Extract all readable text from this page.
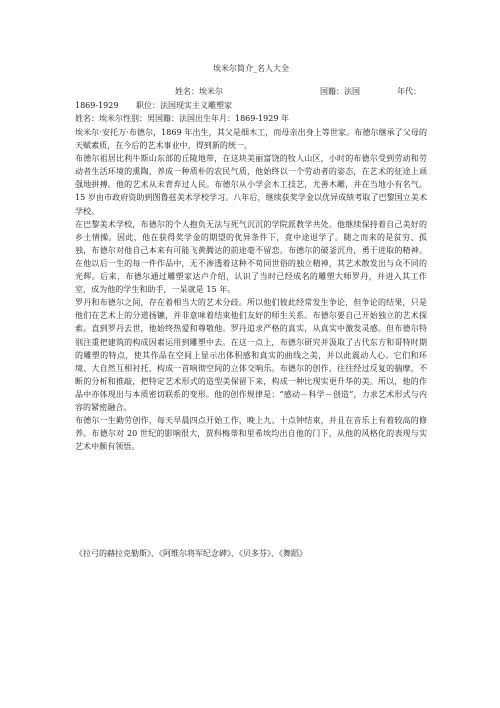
埃米尔简介_名人大全
姓名：埃米尔	国籍：法国	年代：
1869-1929 职位：法国现实主义雕塑家
姓名：埃米尔性别：男国籍：法国出生年月：1869-1929 年

埃米尔·安托万·布德尔，1869 年出生，其父是细木工，而母亲出身上等世家。布德尔继承了父母的天赋素质，在今后的艺术事业中，得到新的统一。

布德尔祖居比利牛斯山东部的丘陵地带，在这块美丽富饶的牧人山区，小时的布德尔受到劳动和劳动者生活环境的熏陶，养成一种质朴的农民气质，他始终以一个劳动者的姿态，在艺术的征途上顽强地拼搏。他的艺术从未背弃过人民。布德尔从小学会木工技艺，尤善木雕，并在当地小有名气。15 岁由市政府资助到图鲁兹美术学校学习。八年后，继续获奖学金以优异成绩考取了巴黎国立美术学校。

在巴黎美术学校，布德尔的个人抱负无法与死气沉沉的学院派教学共处。他继续保持着自己美好的乡土情操。因此，他在获得奖学金的期望的优异条件下，竟中途退学了。随之而来的是贫穷、孤独，布德尔对他自己本来有可能飞黄腾达的前途毫不留恋。布德尔的破釜沉舟，勇于进取的精神。在他以后一生的每一件作品中，无不渗透着这种不苟同世俗的独立精神，其艺术散发出与众不同的光辉。后来，布德尔通过雕塑家达卢介绍，认识了当时已经成名的雕塑大师罗丹，并进入其工作室，成为他的学生和助手，一呆就是 15 年。

罗丹和布德尔之间，存在着相当大的艺术分歧。所以他们彼此经常发生争论，但争论的结果，只是他们在艺术上的分道扬镳，并非意味着结束他们友好的师生关系。布德尔要自己开始独立的艺术探索。直到罗丹去世，他始终热爱和尊敬他。罗丹追求严格的真实，从真实中激发灵感。但布德尔特别注重把建筑的构成因素运用到雕塑中去。在这一点上，布德尔研究并汲取了古代东方和哥特时期的雕塑的特点，使其作品在空间上显示出体积感和真实的曲线之美，并以此震动人心。它们和环境、大自然互相衬托，构成一首响彻空间的立体交响乐。布德尔的创作，往往经过反复的揣摩，不断的分析和推敲，把特定艺术形式的造型美保留下来，构成一种比现实更升华的美。所以，他的作品中亦体现出与本质密切联系的变形。他的创作规律是：“感动－科学－创造”，力求艺术形式与内容的紧密融合。

布德尔一生勤劳创作，每天早晨四点开始工作，晚上九、十点钟结束，并且在音乐上有着较高的修养。布德尔对 20 世纪的影响很大，贾科梅蒂和里希埃均出自他的门下，从他的风格化的表现与实艺术中颇有领悟。

《拉弓的赫拉克勒斯》、《阿维尔将军纪念碑》、《贝多芬》、《舞蹈》
